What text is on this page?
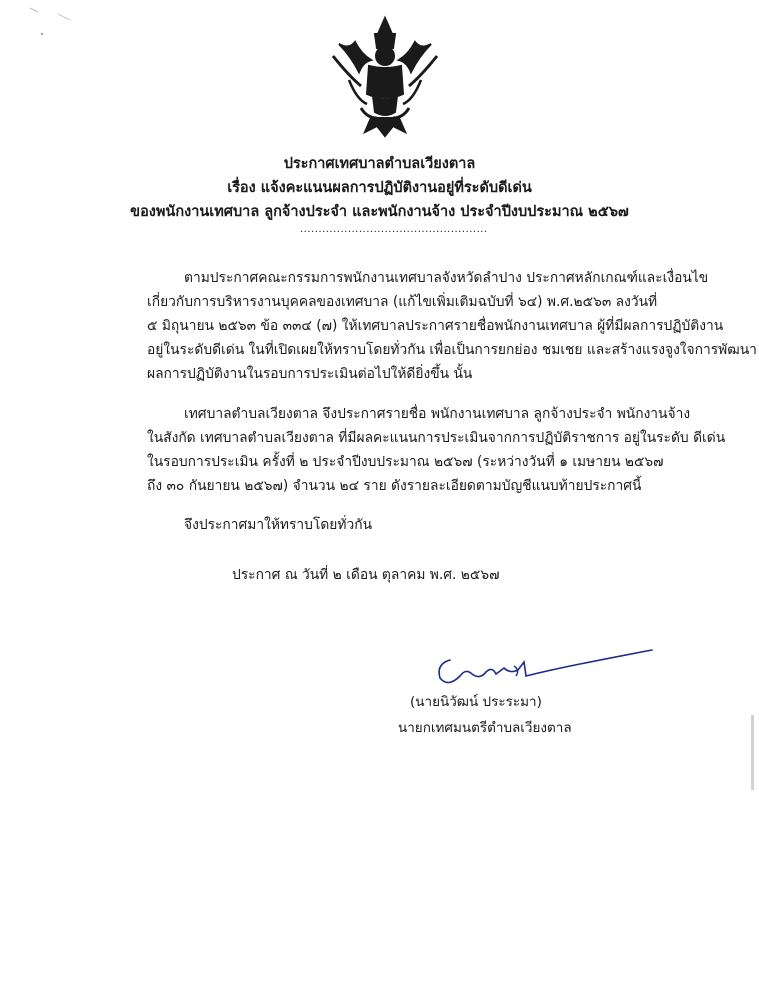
ประกาศเทศบาลตำบลเวียงตาล
เรื่อง แจ้งคะแนนผลการปฏิบัติงานอยู่ที่ระดับดีเด่น
ของพนักงานเทศบาล ลูกจ้างประจำ และพนักงานจ้าง ประจำปีงบประมาณ ๒๕๖๗
...................................................
ตามประกาศคณะกรรมการพนักงานเทศบาลจังหวัดลำปาง ประกาศหลักเกณฑ์และเงื่อนไข
เกี่ยวกับการบริหารงานบุคคลของเทศบาล (แก้ไขเพิ่มเติมฉบับที่ ๖๔) พ.ศ.๒๕๖๓ ลงวันที่
๕ มิถุนายน ๒๕๖๓ ข้อ ๓๓๔ (๗) ให้เทศบาลประกาศรายชื่อพนักงานเทศบาล ผู้ที่มีผลการปฏิบัติงาน
อยู่ในระดับดีเด่น ในที่เปิดเผยให้ทราบโดยทั่วกัน เพื่อเป็นการยกย่อง ชมเชย และสร้างแรงจูงใจการพัฒนา
ผลการปฏิบัติงานในรอบการประเมินต่อไปให้ดียิ่งขึ้น นั้น
เทศบาลตำบลเวียงตาล จึงประกาศรายชื่อ พนักงานเทศบาล ลูกจ้างประจำ พนักงานจ้าง
ในสังกัด เทศบาลตำบลเวียงตาล ที่มีผลคะแนนการประเมินจากการปฏิบัติราชการ อยู่ในระดับ ดีเด่น
ในรอบการประเมิน ครั้งที่ ๒ ประจำปีงบประมาณ ๒๕๖๗ (ระหว่างวันที่ ๑ เมษายน ๒๕๖๗
ถึง ๓๐ กันยายน ๒๕๖๗) จำนวน ๒๔ ราย ดังรายละเอียดตามบัญชีแนบท้ายประกาศนี้
จึงประกาศมาให้ทราบโดยทั่วกัน
ประกาศ ณ วันที่ ๒ เดือน ตุลาคม พ.ศ. ๒๕๖๗
(นายนิวัฒน์ ประระมา)
นายกเทศมนตรีตำบลเวียงตาล
